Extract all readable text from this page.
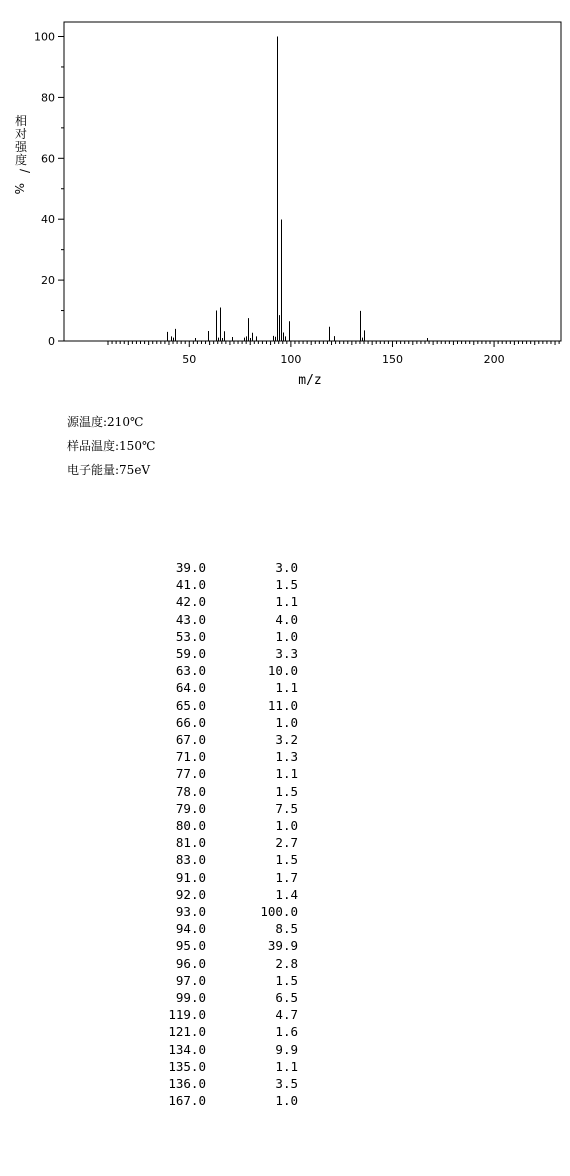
50	100	150	200
0
20
40
60
80
100
m/z
相
对
强
度
/
%
源温度:210℃
样品温度:150℃
电子能量:75eV
39.0	3.0
41.0	1.5
42.0	1.1
43.0	4.0
53.0	1.0
59.0	3.3
63.0	10.0
64.0	1.1
65.0	11.0
66.0	1.0
67.0	3.2
71.0	1.3
77.0	1.1
78.0	1.5
79.0	7.5
80.0	1.0
81.0	2.7
83.0	1.5
91.0	1.7
92.0	1.4
93.0	100.0
94.0	8.5
95.0	39.9
96.0	2.8
97.0	1.5
99.0	6.5
119.0	4.7
121.0	1.6
134.0	9.9
135.0	1.1
136.0	3.5
167.0	1.0
